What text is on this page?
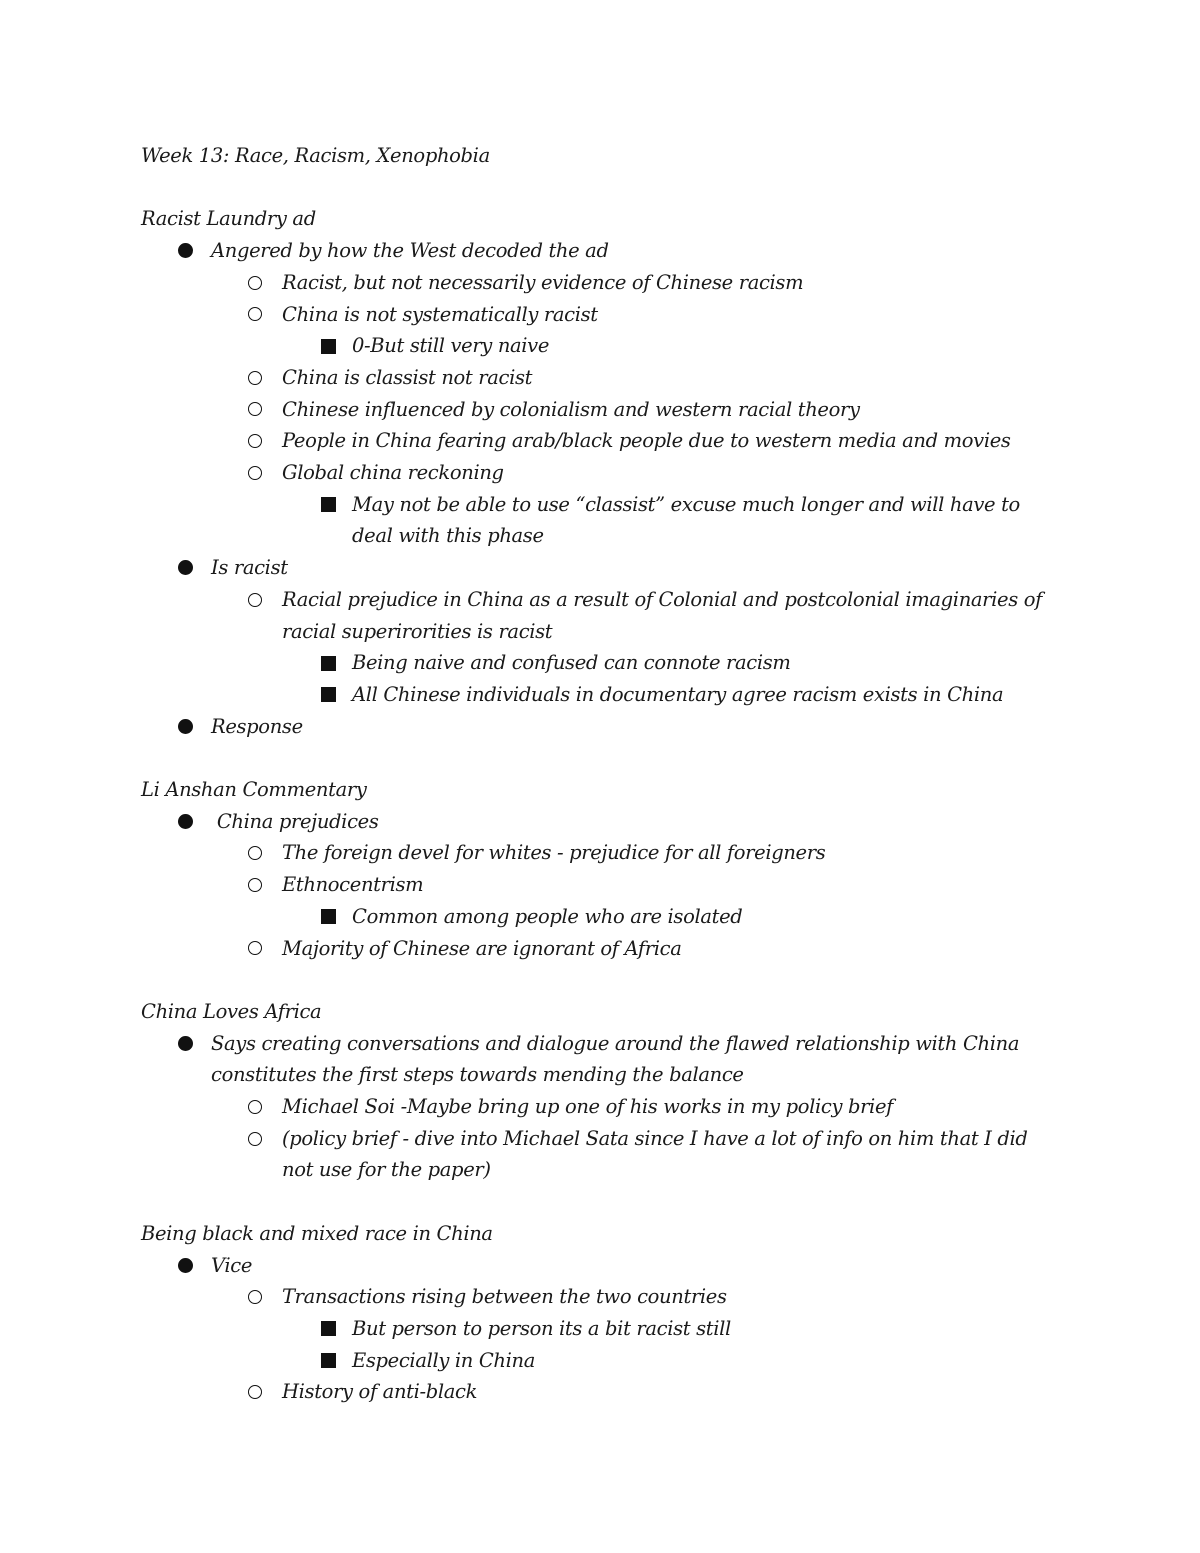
Week 13: Race, Racism, Xenophobia

Racist Laundry ad

Angered by how the West decoded the ad
Racist, but not necessarily evidence of Chinese racism
China is not systematically racist
0-But still very naive
China is classist not racist
Chinese influenced by colonialism and western racial theory
People in China fearing arab/black people due to western media and movies
Global china reckoning
May not be able to use “classist” excuse much longer and will have to deal with this phase
Is racist
Racial prejudice in China as a result of Colonial and postcolonial imaginaries of racial superirorities is racist
Being naive and confused can connote racism
All Chinese individuals in documentary agree racism exists in China
Response

Li Anshan Commentary

China prejudices
The foreign devel for whites - prejudice for all foreigners
Ethnocentrism
Common among people who are isolated
Majority of Chinese are ignorant of Africa

China Loves Africa

Says creating conversations and dialogue around the flawed relationship with China constitutes the first steps towards mending the balance
Michael Soi -Maybe bring up one of his works in my policy brief
(policy brief - dive into Michael Sata since I have a lot of info on him that I did not use for the paper)

Being black and mixed race in China

Vice
Transactions rising between the two countries
But person to person its a bit racist still
Especially in China
History of anti-black
